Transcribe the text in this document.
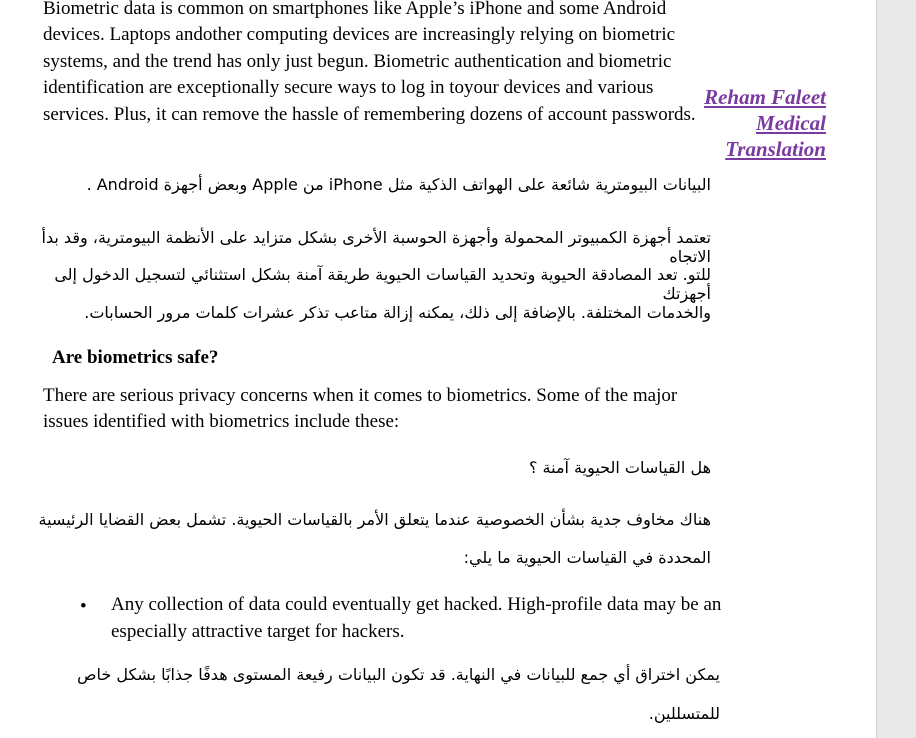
Biometric data is common on smartphones like Apple’s iPhone and some Android devices. Laptops andother computing devices are increasingly relying on biometric systems, and the trend has only just begun. Biometric authentication and biometric identification are exceptionally secure ways to log in toyour devices and various services. Plus, it can remove the hassle of remembering dozens of account passwords.

البيانات البيومترية شائعة على الهواتف الذكية مثل iPhone من Apple وبعض أجهزة Android .

تعتمد أجهزة الكمبيوتر المحمولة وأجهزة الحوسبة الأخرى بشكل متزايد على الأنظمة البيومترية، وقد بدأ الاتجاه

للتو. تعد المصادقة الحيوية وتحديد القياسات الحيوية طريقة آمنة بشكل استثنائي لتسجيل الدخول إلى أجهزتك

والخدمات المختلفة. بالإضافة إلى ذلك، يمكنه إزالة متاعب تذكر عشرات كلمات مرور الحسابات.

Are biometrics safe?

There are serious privacy concerns when it comes to biometrics. Some of the major issues identified with biometrics include these:

هل القياسات الحيوية آمنة ؟

هناك مخاوف جدية بشأن الخصوصية عندما يتعلق الأمر بالقياسات الحيوية. تشمل بعض القضايا الرئيسية

المحددة في القياسات الحيوية ما يلي:

• Any collection of data could eventually get hacked. High-profile data may be an especially attractive target for hackers.

يمكن اختراق أي جمع للبيانات في النهاية. قد تكون البيانات رفيعة المستوى هدفًا جذابًا بشكل خاص

للمتسللين.

Reham Faleet
Medical
Translation
